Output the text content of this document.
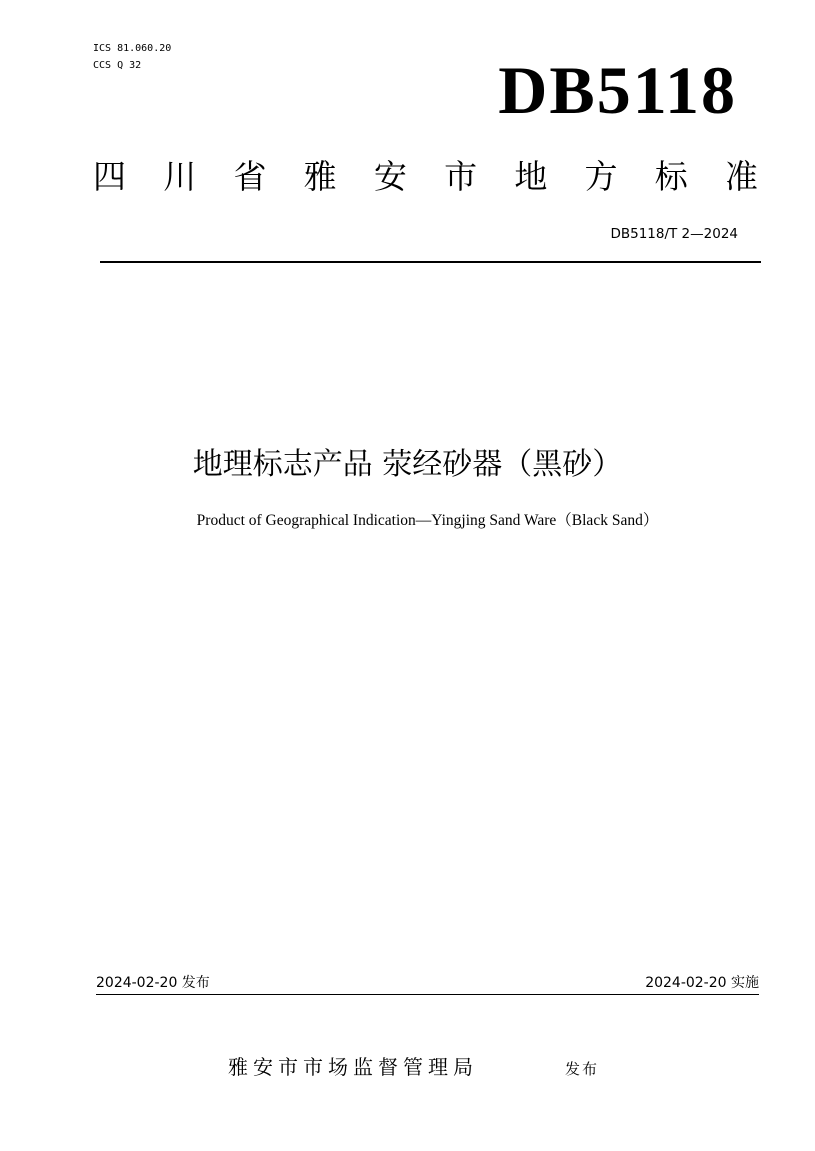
ICS 81.060.20
CCS Q 32	DB5118
四 川 省 雅 安 市 地 方 标 准
DB5118/T 2—2024
地理标志产品 荥经砂器（黑砂）
Product of Geographical Indication—Yingjing Sand Ware（Black Sand）
2024-02-20 发布	2024-02-20 实施
雅安市市场监督管理局	发布
